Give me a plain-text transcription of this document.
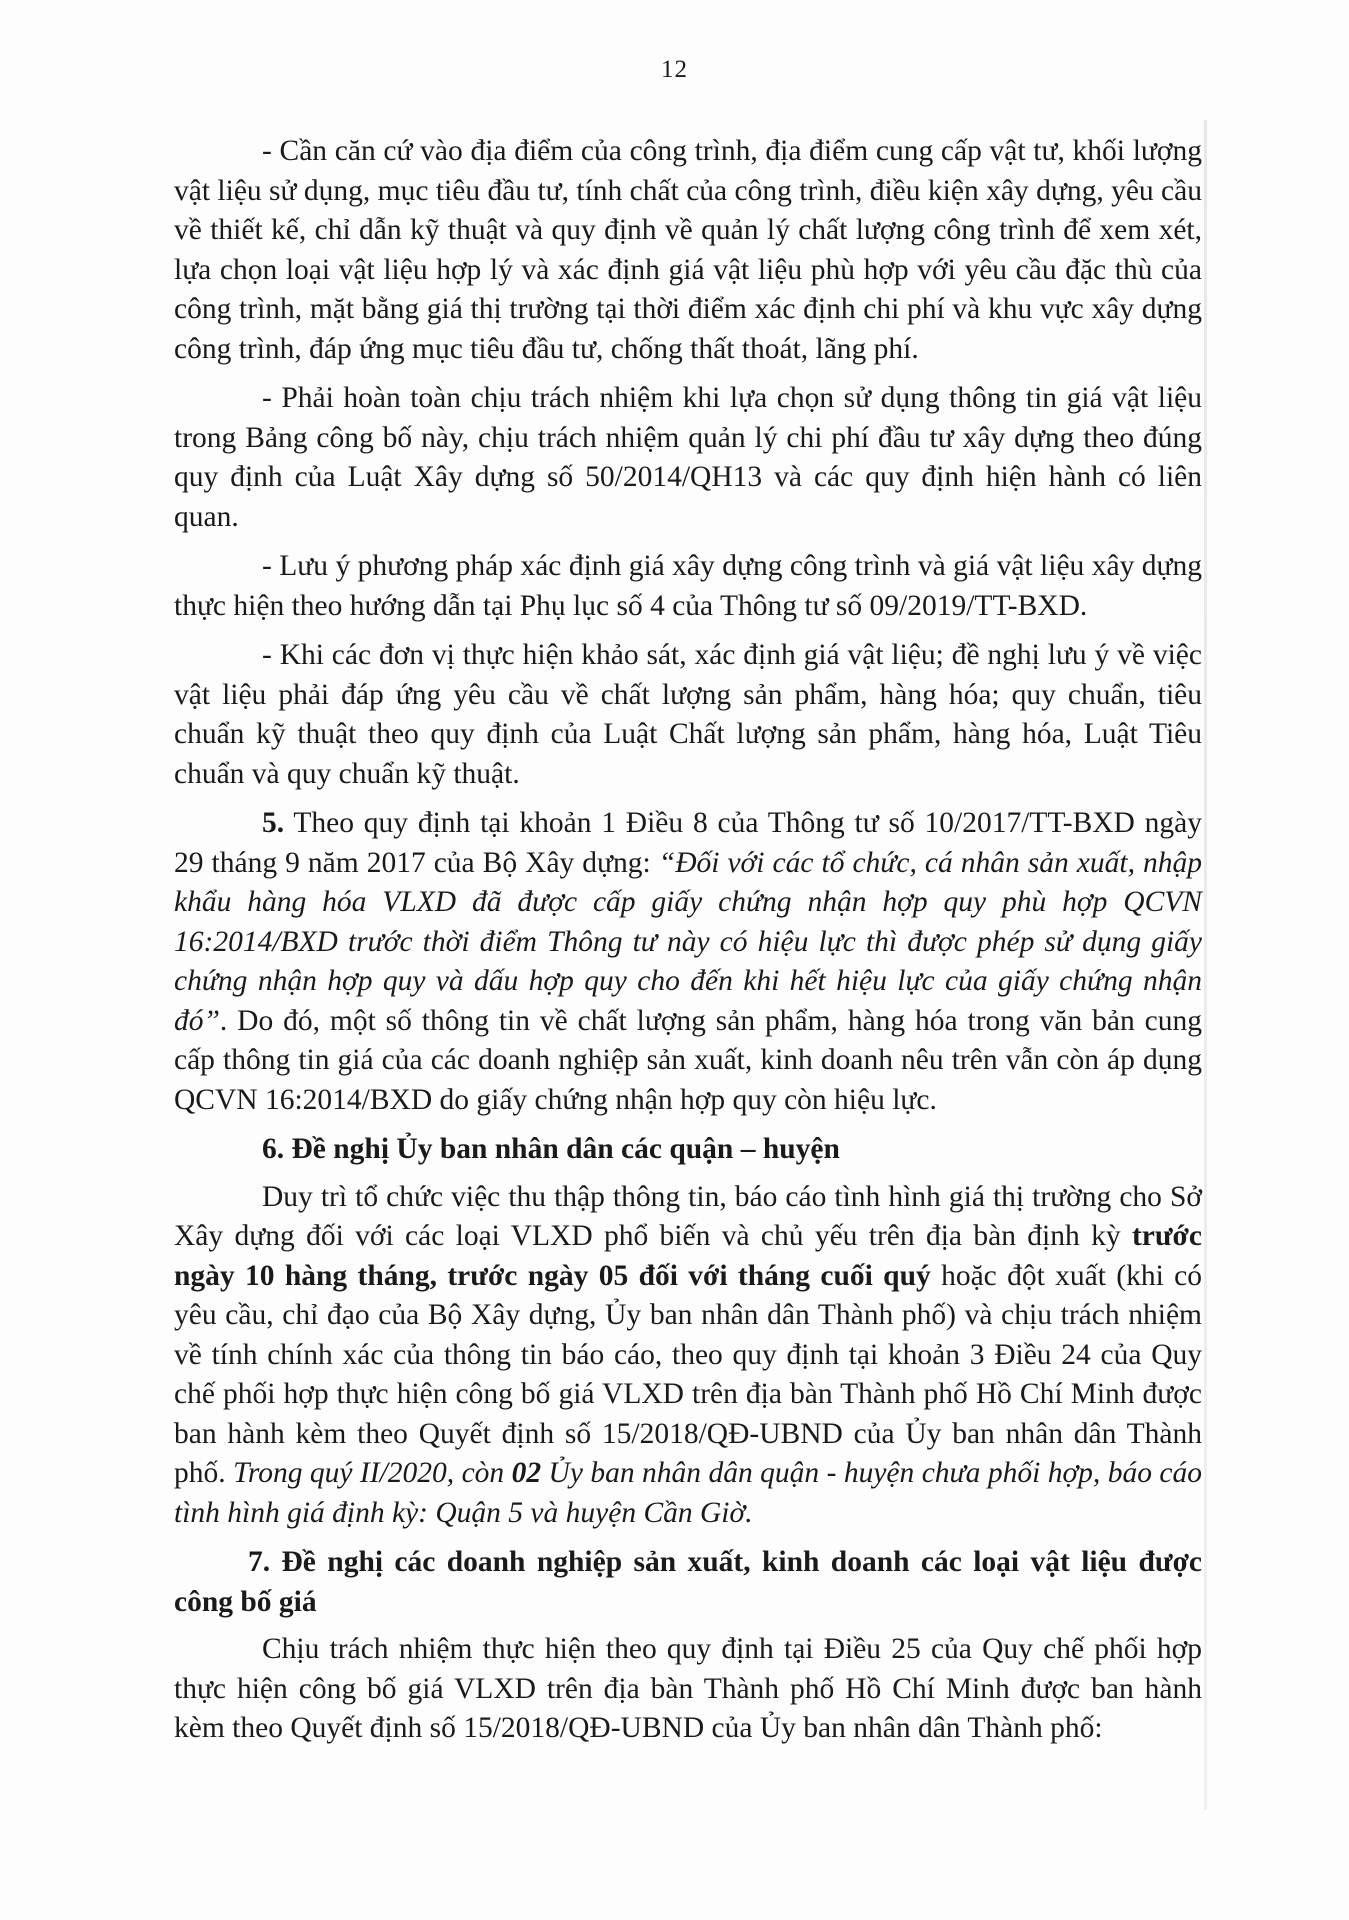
12

- Cần căn cứ vào địa điểm của công trình, địa điểm cung cấp vật tư, khối lượng vật liệu sử dụng, mục tiêu đầu tư, tính chất của công trình, điều kiện xây dựng, yêu cầu về thiết kế, chỉ dẫn kỹ thuật và quy định về quản lý chất lượng công trình để xem xét, lựa chọn loại vật liệu hợp lý và xác định giá vật liệu phù hợp với yêu cầu đặc thù của công trình, mặt bằng giá thị trường tại thời điểm xác định chi phí và khu vực xây dựng công trình, đáp ứng mục tiêu đầu tư, chống thất thoát, lãng phí.

- Phải hoàn toàn chịu trách nhiệm khi lựa chọn sử dụng thông tin giá vật liệu trong Bảng công bố này, chịu trách nhiệm quản lý chi phí đầu tư xây dựng theo đúng quy định của Luật Xây dựng số 50/2014/QH13 và các quy định hiện hành có liên quan.

- Lưu ý phương pháp xác định giá xây dựng công trình và giá vật liệu xây dựng thực hiện theo hướng dẫn tại Phụ lục số 4 của Thông tư số 09/2019/TT-BXD.

- Khi các đơn vị thực hiện khảo sát, xác định giá vật liệu; đề nghị lưu ý về việc vật liệu phải đáp ứng yêu cầu về chất lượng sản phẩm, hàng hóa; quy chuẩn, tiêu chuẩn kỹ thuật theo quy định của Luật Chất lượng sản phẩm, hàng hóa, Luật Tiêu chuẩn và quy chuẩn kỹ thuật.

5. Theo quy định tại khoản 1 Điều 8 của Thông tư số 10/2017/TT-BXD ngày 29 tháng 9 năm 2017 của Bộ Xây dựng: “Đối với các tổ chức, cá nhân sản xuất, nhập khẩu hàng hóa VLXD đã được cấp giấy chứng nhận hợp quy phù hợp QCVN 16:2014/BXD trước thời điểm Thông tư này có hiệu lực thì được phép sử dụng giấy chứng nhận hợp quy và dấu hợp quy cho đến khi hết hiệu lực của giấy chứng nhận đó”. Do đó, một số thông tin về chất lượng sản phẩm, hàng hóa trong văn bản cung cấp thông tin giá của các doanh nghiệp sản xuất, kinh doanh nêu trên vẫn còn áp dụng QCVN 16:2014/BXD do giấy chứng nhận hợp quy còn hiệu lực.

6. Đề nghị Ủy ban nhân dân các quận – huyện

Duy trì tổ chức việc thu thập thông tin, báo cáo tình hình giá thị trường cho Sở Xây dựng đối với các loại VLXD phổ biến và chủ yếu trên địa bàn định kỳ trước ngày 10 hàng tháng, trước ngày 05 đối với tháng cuối quý hoặc đột xuất (khi có yêu cầu, chỉ đạo của Bộ Xây dựng, Ủy ban nhân dân Thành phố) và chịu trách nhiệm về tính chính xác của thông tin báo cáo, theo quy định tại khoản 3 Điều 24 của Quy chế phối hợp thực hiện công bố giá VLXD trên địa bàn Thành phố Hồ Chí Minh được ban hành kèm theo Quyết định số 15/2018/QĐ-UBND của Ủy ban nhân dân Thành phố. Trong quý II/2020, còn 02 Ủy ban nhân dân quận - huyện chưa phối hợp, báo cáo tình hình giá định kỳ: Quận 5 và huyện Cần Giờ.

7. Đề nghị các doanh nghiệp sản xuất, kinh doanh các loại vật liệu được công bố giá

Chịu trách nhiệm thực hiện theo quy định tại Điều 25 của Quy chế phối hợp thực hiện công bố giá VLXD trên địa bàn Thành phố Hồ Chí Minh được ban hành kèm theo Quyết định số 15/2018/QĐ-UBND của Ủy ban nhân dân Thành phố:
